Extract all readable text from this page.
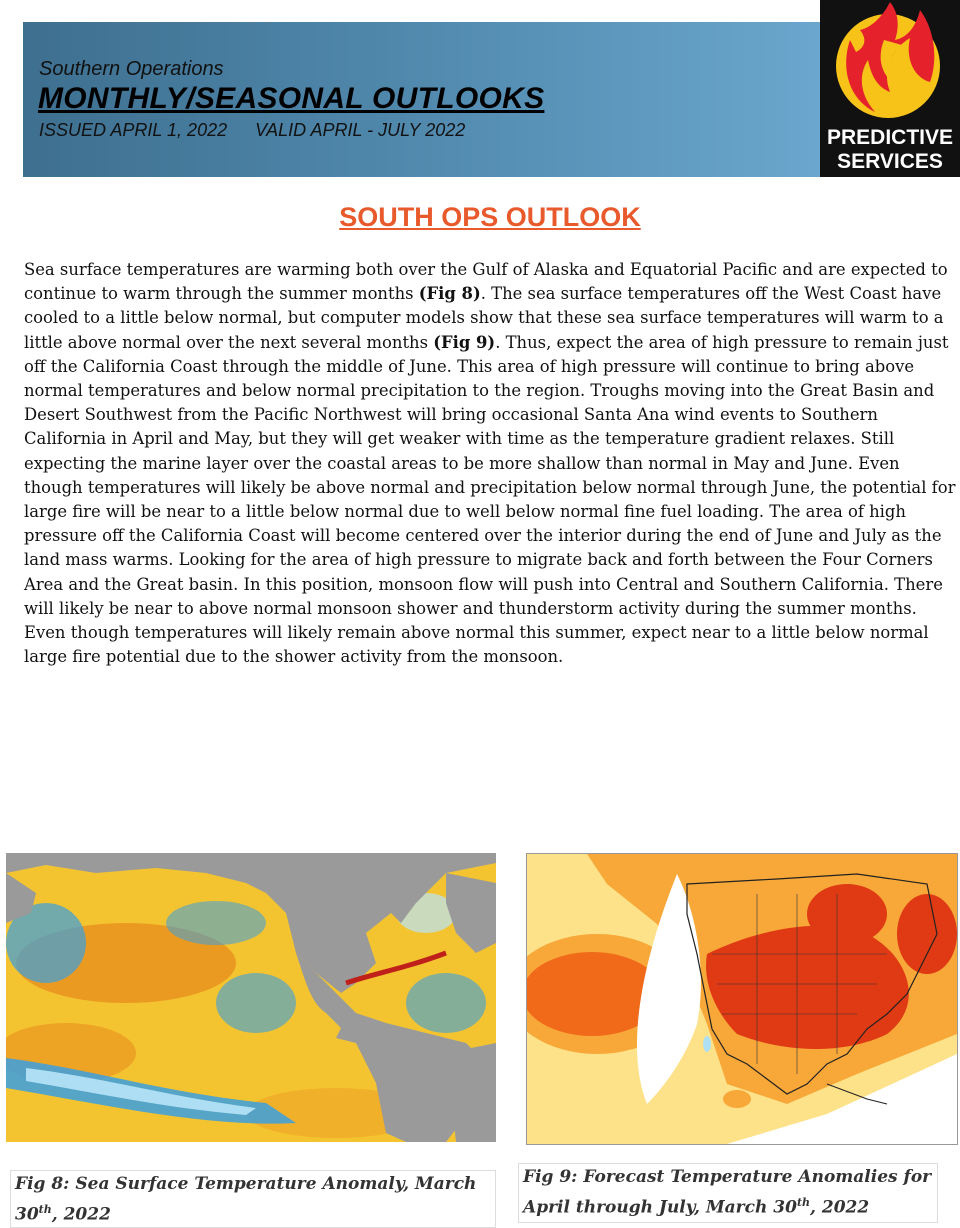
Southern Operations
MONTHLY/SEASONAL OUTLOOKS
ISSUED APRIL 1, 2022 VALID APRIL - JULY 2022	PREDICTIVE
SERVICES
SOUTH OPS OUTLOOK
Sea surface temperatures are warming both over the Gulf of Alaska and Equatorial Pacific and are expected to continue to warm through the summer months (Fig 8). The sea surface temperatures off the West Coast have cooled to a little below normal, but computer models show that these sea surface temperatures will warm to a little above normal over the next several months (Fig 9). Thus, expect the area of high pressure to remain just off the California Coast through the middle of June. This area of high pressure will continue to bring above normal temperatures and below normal precipitation to the region. Troughs moving into the Great Basin and Desert Southwest from the Pacific Northwest will bring occasional Santa Ana wind events to Southern California in April and May, but they will get weaker with time as the temperature gradient relaxes. Still expecting the marine layer over the coastal areas to be more shallow than normal in May and June. Even though temperatures will likely be above normal and precipitation below normal through June, the potential for large fire will be near to a little below normal due to well below normal fine fuel loading. The area of high pressure off the California Coast will become centered over the interior during the end of June and July as the land mass warms. Looking for the area of high pressure to migrate back and forth between the Four Corners Area and the Great basin. In this position, monsoon flow will push into Central and Southern California. There will likely be near to above normal monsoon shower and thunderstorm activity during the summer months. Even though temperatures will likely remain above normal this summer, expect near to a little below normal large fire potential due to the shower activity from the monsoon.
Fig 8: Sea Surface Temperature Anomaly, March 30th, 2022
Fig 9: Forecast Temperature Anomalies for April through July, March 30th, 2022
